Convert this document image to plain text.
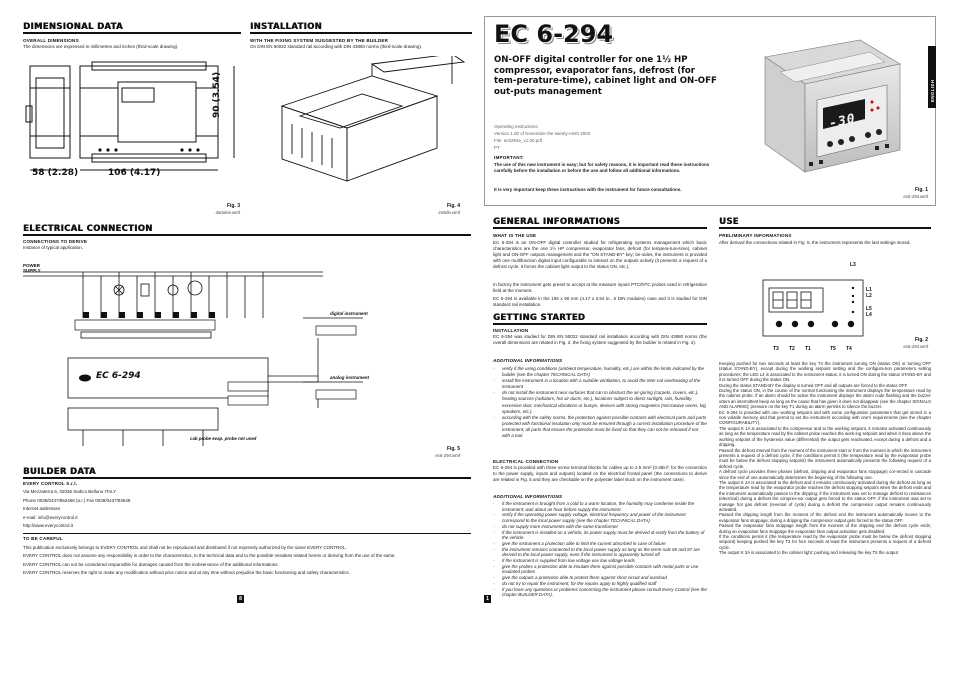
DIMENSIONAL DATA
OVERALL DIMENSIONS
The dimensions are expressed in millimetres and inches (third-scale drawing).
58 (2.28)	106 (4.17)
90 (3.54)
Fig. 3
dataime.wmf
INSTALLATION
WITH THE FIXING SYSTEM SUGGESTED BY THE BUILDER
On DIN EN 50022 standard rail according with DIN 43880 norms (third-scale drawing).
Fig. 4
instdin.wmf
ELECTRICAL CONNECTION
CONNECTIONS TO DERIVE
Instance of typical application.
POWER SUPPLY
EC 6-294
digital instrument
analog instrument
cab probe evap. probe not used
Fig. 5
ec6-294.wmf
BUILDER DATA
EVERY CONTROL S.r.l.
Via Mezzaterra 6, 32036 Sedico Belluno ITALY
Phone 0039/0437/852468 (a.r.) Fax 0039/0437/83648
Internet addresses
e-mail: info@everycontrol.it
http://www.everycontrol.it
TO BE CAREFUL
This publication exclusively belongs to EVERY CONTROL and shall not be reproduced and distributed if not expressly authorized by the same EVERY CONTROL.
EVERY CONTROL does not assume any responsibility in order to the characteristics, to the technical data and to the possible mistakes related herein or deriving from the use of the same.
EVERY CONTROL can not be considered responsible for damages caused from the inobservance of the additional informations.
EVERY CONTROL reserves the right to make any modification without prior notice and at any time without prejudice the basic functioning and safety characteristics.
8
EC 6-294
ON-OFF digital controller for one 1½ HP compressor, evaporator fans, defrost (for tem-perature-time), cabinet light and ON-OFF out-puts management
Operating instructions
Version 1.00 of November the twenty-ninth 2002
File: ec6294e_v1.00.pdf
PT
IMPORTANT:
The use of this new instrument is easy; but for safety reasons, it is important read these instructions carefully before the installation or before the use and follow all additional informations.
It is very important keep these instructions with the instrument for future consultations.
ENGLISH
-30
Fig. 1
ec6-294.wmf
GENERAL INFORMATIONS
WHAT IS THE USE
EC 6-294 is an ON-OFF digital controller studied for refrigerating systems management which basic characteristics are the one 1½ HP compressor, evaporator fans, defrost (for tempera-ture-time), cabinet light and ON-OFF outputs management and the "ON STAND-BY" key; be-sides, the instrument is provided with one multifunction digital input configurable to interact on the outputs activity (it presents a request of a defrost cycle, it forces the cabinet light output to the status ON, etc.).
In factory the instrument gets preset to accept at the measure inputs PTC/NTC probes used in refrigeration field at the moment.
EC 6-294 is available in the 106 x 90 mm (4.17 x 3.54 in., 6 DIN modules) case and it is studied for DIN standard rail installation.
GETTING STARTED
INSTALLATION
EC 6-294 was studied for DIN EN 50022 standard rail installation according with DIN 43880 norms (the overall dimensions are related in Fig. 3, the fixing system suggested by the builder is related in Fig. 4).
ADDITIONAL INFORMATIONS
-	verify if the using conditions (ambient temperature, humidity, etc.) are within the limits indicated by the builder (see the chapter TECHNICAL DATA)
-	install the instrument in a location with a suitable ventilation, to avoid the inter-nal overheating of the instrument
-	do not install the instrument near surfaces that can to obstruct the air-goring (carpets, covers, etc.), heating sources (radiators, hot air ducts, etc.), locations subject to direct sunlight, rain, humidity, excessive dust, mechanical vibrations or bumps, devices with strong magnetics (microwave ovens, big speakers, etc.)
-	according with the safety norms, the protection against possible contacts with electrical parts and parts protected with functional insulation only must be ensured through a correct installation procedure of the instrument; all parts that ensure the protection must be fixed so that they can not be removed if not with a tool.
ELECTRICAL CONNECTION
EC 6-294 is provided with three screw terminal blocks for cables up to 2.5 mm² (0.38in²; for the connection to the power supply, inputs and outputs) located on the electrical frontal panel (the connections to derive are related in Fig. 5 and they are checkable on the polyester label stuck on the instrument case).
ADDITIONAL INFORMATIONS
-	if the instrument is brought from a cold to a warm location, the humidity may condense inside the instrument; wait about an hour before supply the instrument
-	verify if the operating power supply voltage, electrical frequency and power of the instrument correspond to the local power supply (see the chapter TECHNICAL DATA)
-	do not supply more instruments with the same transformer
-	if the instrument is installed on a vehicle, its power supply must be derived di-rectly from the battery of the vehicle
-	give the instrument a protection able to limit the current absorbed in case of failure
-	the instrument remains connected to the local power supply as long as the termi-nals 85 and 87 are derived to the local power supply, even if the instrument is apparently turned off
-	if the instrument is supplied from low voltage use low voltage leads
-	give the probes a protection able to insulate them against possible contacts with metal parts or use insulated probes
-	give the outputs a protection able to protect them against short circuit and overload
-	do not try to repair the instrument; for the repairs apply to highly qualified staff
-	if you have any questions or problems concerning the instrument please consult Every Control (see the chapter BUILDER DATA).
1
USE
PRELIMINARY INFORMATIONS
After derived the connections related in Fig. 5, the instrument represents the last settings stored.
L3
L1
L2
L5
L4
T3 T2 T1	T5 T4
Fig. 2
ec6-294.wmf

Keeping pushed for two seconds at least the key T4 the instrument turning ON (status ON) or turning OFF (status STAND-BY), except during the working setpoint setting and the configura-tion parameters setting procedures; the LED L4 is associated to the instrument status, it is turned ON during the status STAND-BY and it is turned OFF during the status ON.

During the status STAND-BY the display is turned OFF and all outputs are forced to the status OFF.

During the status ON, in the course of the normal functioning the instrument displays the temperature read by the cabinet probe: if an alarm should be active the instrument displays the alarm code flashing and the buzzer utters an intermittent beep as long as the cause that has given it does not disappear (see the chapter SIGNALS AND ALARMS); pressure on the key T1 during an alarm permits to silence the buzzer.

EC 6-294 is provided with one working setpoint and with some configuration parameters that get stored in a non volatile memory and that permit to set the instrument according with one's requirements (see the chapter CONFIGURABILITY).

The output K 1A is associated to the compressor and to the working setpoint, it remains activated continuously as long as the temperature read by the cabinet probe reaches the work-ing setpoint and when it rises above the working setpoint of the hysteresis value (differential) the output gets reactivated, except during a defrost and a dripping.

Passed the defrost interval from the moment of the instrument start or from the moment in which the instrument presents a request of a defrost cycle, if the conditions permit it (the temperature read by the evaporator probe must be below the defrost stopping setpoint) the instrument automatically presents the following request of a defrost cycle.

A defrost cycle provides three phases (defrost, dripping and evaporator fans stoppage) cor-rected in cascade since the end of one automatically determines the beginning of the following one.

The output K 2A is associated to the defrost and it remains continuously activated during the defrost as long as the temperature read by the evaporator probe reaches the defrost stopping setpoint when the defrost ends and the instrument automatically passes to the dripping; if the instrument was set to manage defrost to resistances (electrical) during a defrost the compres-sor output gets forced to the status OFF, if the instrument was set to manage hot gas defrost (reversal of cycle) during a defrost the compressor output remains continuously activated.

Passed the dripping length from the moment of the defrost end the instrument automatically moves to the evaporator fans stoppage; during a dripping the compressor output gets forced to the status OFF.

Passed the evaporator fans stoppage length from the moment of the dripping end the defrost cycle ends; during an evaporator fans stoppage the evaporator fans output activation gets disabled.

If the conditions permit it (the temperature read by the evaporator probe must be below the defrost stopping setpoint) keeping pushed the key T2 for four seconds at least the instrument presents a request of a defrost cycle.

The output K 3A is associated to the cabinet light: pushing and releasing the key T5 the output
